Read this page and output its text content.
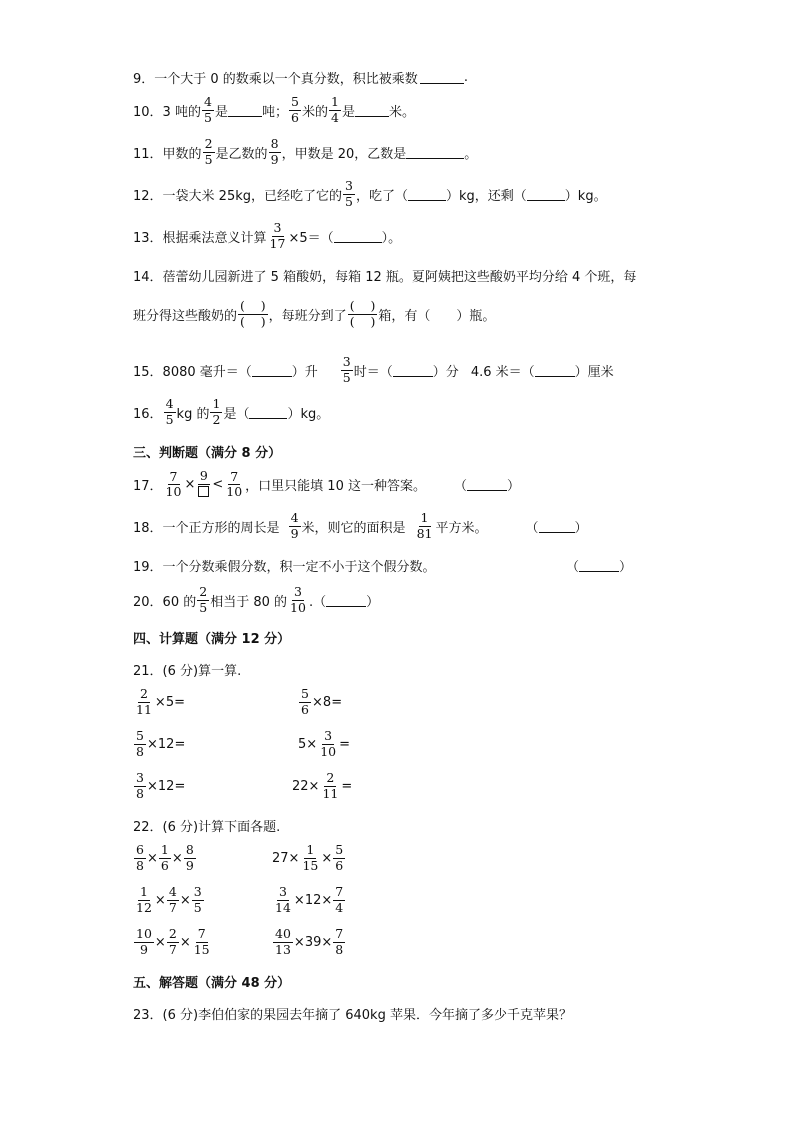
9．一个大于 0 的数乘以一个真分数，积比被乘数	.
10．3 吨的 $\frac{4}{5}$ 是	吨； $\frac{5}{6}$ 米的 $\frac{1}{4}$ 是	米。
11．甲数的 $\frac{2}{5}$ 是乙数的 $\frac{8}{9}$ ，甲数是 20，乙数是	。
12．一袋大米 25kg，已经吃了它的 $\frac{3}{5}$ ，吃了（	）kg，还剩（	）kg。
13．根据乘法意义计算 $\frac{3}{17} \times 5=$（	）。
14．蓓蕾幼儿园新进了 5 箱酸奶，每箱 12 瓶。夏阿姨把这些酸奶平均分给 4 个班，每
班分得这些酸奶的 $\frac{( )}{( )}$ ，每班分到了 $\frac{( )}{( )}$ 箱，有（ ）瓶。
15．8080 毫升＝（	）升 $\frac{3}{5}$ 时＝（	）分 4.6 米＝（	）厘米
16． $\frac{4}{5}$ kg 的 $\frac{1}{2}$ 是（	）kg。
三、判断题（满分 8 分）
17． $\frac{7}{10}$ ×
9
< $\frac{7}{10}$ ，口里只能填 10 这一种答案。 （	）
18．一个正方形的周长是 $\frac{4}{9}$ 米，则它的面积是 $\frac{1}{81}$ 平方米。	（	）
19．一个分数乘假分数，积一定不小于这个假分数。	（	）
20．60 的 $\frac{2}{5}$ 相当于 80 的 $\frac{3}{10}$ .（	）
四、计算题（满分 12 分）
21．(6 分)算一算.
$\frac{2}{11} \times 5$ =	$\frac{5}{6} \times 8$ =
$\frac{5}{8} \times 12$ =	$5 \times \frac{3}{10}$ =
$\frac{3}{8} \times 12$ =	$22 \times \frac{2}{11}$ =
22．(6 分)计算下面各题.
$\frac{6}{8} \times \frac{1}{6} \times \frac{8}{9}$	$27 \times \frac{1}{15} \times \frac{5}{6}$
$\frac{1}{12} \times \frac{4}{7} \times \frac{3}{5}$	$\frac{3}{14} \times 12 \times \frac{7}{4}$
$\frac{10}{9} \times \frac{2}{7} \times \frac{7}{15}$	$\frac{40}{13} \times 39 \times \frac{7}{8}$
五、解答题（满分 48 分）
23．(6 分)李伯伯家的果园去年摘了 640kg 苹果．今年摘了多少千克苹果？
